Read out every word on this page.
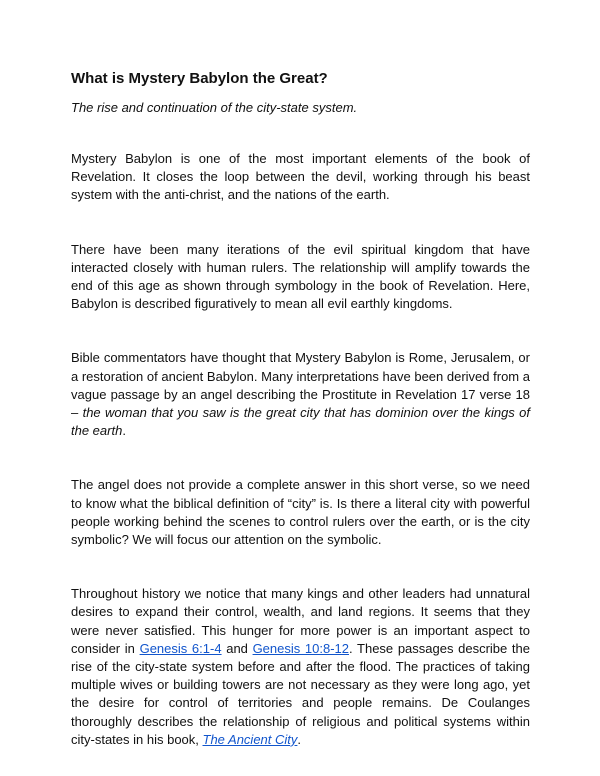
What is Mystery Babylon the Great?

The rise and continuation of the city-state system.

Mystery Babylon is one of the most important elements of the book of Revelation. It closes the loop between the devil, working through his beast system with the anti-christ, and the nations of the earth.

There have been many iterations of the evil spiritual kingdom that have interacted closely with human rulers. The relationship will amplify towards the end of this age as shown through symbology in the book of Revelation. Here, Babylon is described figuratively to mean all evil earthly kingdoms.

Bible commentators have thought that Mystery Babylon is Rome, Jerusalem, or a restoration of ancient Babylon. Many interpretations have been derived from a vague passage by an angel describing the Prostitute in Revelation 17 verse 18 – the woman that you saw is the great city that has dominion over the kings of the earth.

The angel does not provide a complete answer in this short verse, so we need to know what the biblical definition of “city” is. Is there a literal city with powerful people working behind the scenes to control rulers over the earth, or is the city symbolic? We will focus our attention on the symbolic.

Throughout history we notice that many kings and other leaders had unnatural desires to expand their control, wealth, and land regions. It seems that they were never satisfied. This hunger for more power is an important aspect to consider in Genesis 6:1-4 and Genesis 10:8-12. These passages describe the rise of the city-state system before and after the flood. The practices of taking multiple wives or building towers are not necessary as they were long ago, yet the desire for control of territories and people remains. De Coulanges thoroughly describes the relationship of religious and political systems within city-states in his book, The Ancient City.
